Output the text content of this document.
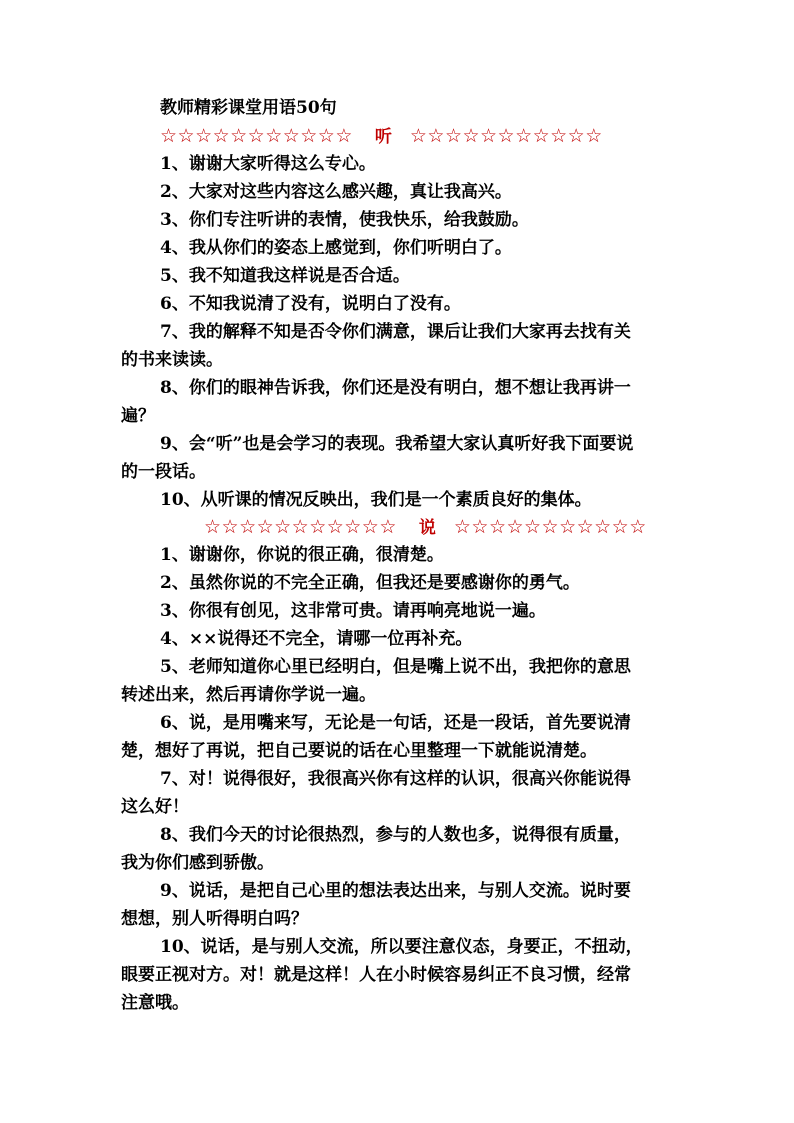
教师精彩课堂用语50句
☆☆☆☆☆☆☆☆☆☆☆ 听 ☆☆☆☆☆☆☆☆☆☆☆
1、谢谢大家听得这么专心。
2、大家对这些内容这么感兴趣，真让我高兴。
3、你们专注听讲的表情，使我快乐，给我鼓励。
4、我从你们的姿态上感觉到，你们听明白了。
5、我不知道我这样说是否合适。
6、不知我说清了没有，说明白了没有。
7、我的解释不知是否令你们满意，课后让我们大家再去找有关
的书来读读。
8、你们的眼神告诉我，你们还是没有明白，想不想让我再讲一
遍？
9、会“听”也是会学习的表现。我希望大家认真听好我下面要说
的一段话。
10、从听课的情况反映出，我们是一个素质良好的集体。
☆☆☆☆☆☆☆☆☆☆☆ 说 ☆☆☆☆☆☆☆☆☆☆☆
1、谢谢你，你说的很正确，很清楚。
2、虽然你说的不完全正确，但我还是要感谢你的勇气。
3、你很有创见，这非常可贵。请再响亮地说一遍。
4、××说得还不完全，请哪一位再补充。
5、老师知道你心里已经明白，但是嘴上说不出，我把你的意思
转述出来，然后再请你学说一遍。
6、说，是用嘴来写，无论是一句话，还是一段话，首先要说清
楚，想好了再说，把自己要说的话在心里整理一下就能说清楚。
7、对！说得很好，我很高兴你有这样的认识，很高兴你能说得
这么好！
8、我们今天的讨论很热烈，参与的人数也多，说得很有质量，
我为你们感到骄傲。
9、说话，是把自己心里的想法表达出来，与别人交流。说时要
想想，别人听得明白吗？
10、说话，是与别人交流，所以要注意仪态，身要正，不扭动，
眼要正视对方。对！就是这样！人在小时候容易纠正不良习惯，经常
注意哦。
